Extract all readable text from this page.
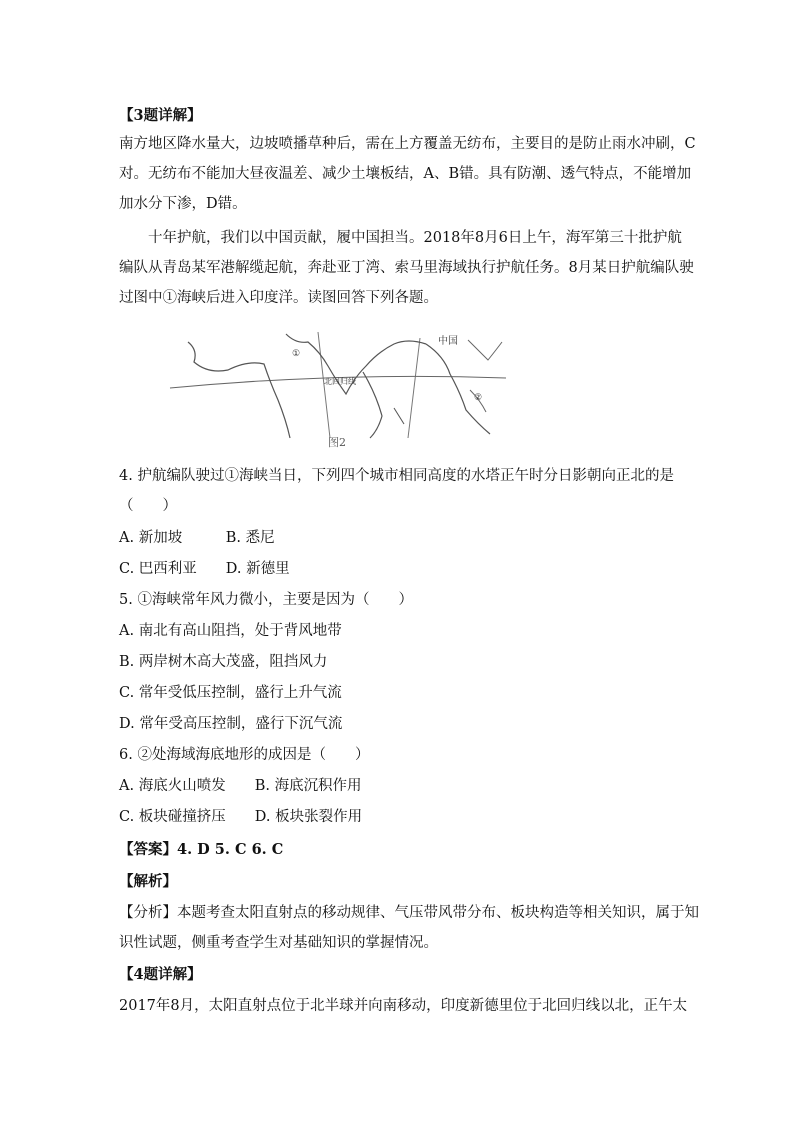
【3题详解】
南方地区降水量大，边坡喷播草种后，需在上方覆盖无纺布，主要目的是防止雨水冲刷，C
对。无纺布不能加大昼夜温差、减少土壤板结，A、B错。具有防潮、透气特点，不能增加
加水分下渗，D错。
　　十年护航，我们以中国贡献，履中国担当。2018年8月6日上午，海军第三十批护航
编队从青岛某军港解缆起航，奔赴亚丁湾、索马里海域执行护航任务。8月某日护航编队驶
过图中①海峡后进入印度洋。读图回答下列各题。
4. 护航编队驶过①海峡当日，下列四个城市相同高度的水塔正午时分日影朝向正北的是
（　　）
A. 新加坡　　　B. 悉尼
C. 巴西利亚　　D. 新德里
5. ①海峡常年风力微小，主要是因为（　　）
A. 南北有高山阻挡，处于背风地带
B. 两岸树木高大茂盛，阻挡风力
C. 常年受低压控制，盛行上升气流
D. 常年受高压控制，盛行下沉气流
6. ②处海域海底地形的成因是（　　）
A. 海底火山喷发　　B. 海底沉积作用
C. 板块碰撞挤压　　D. 板块张裂作用
【答案】4. D 5. C 6. C
【解析】
【分析】本题考查太阳直射点的移动规律、气压带风带分布、板块构造等相关知识，属于知
识性试题，侧重考查学生对基础知识的掌握情况。
【4题详解】
2017年8月，太阳直射点位于北半球并向南移动，印度新德里位于北回归线以北，正午太
中国
北回归线
①
②
图2
